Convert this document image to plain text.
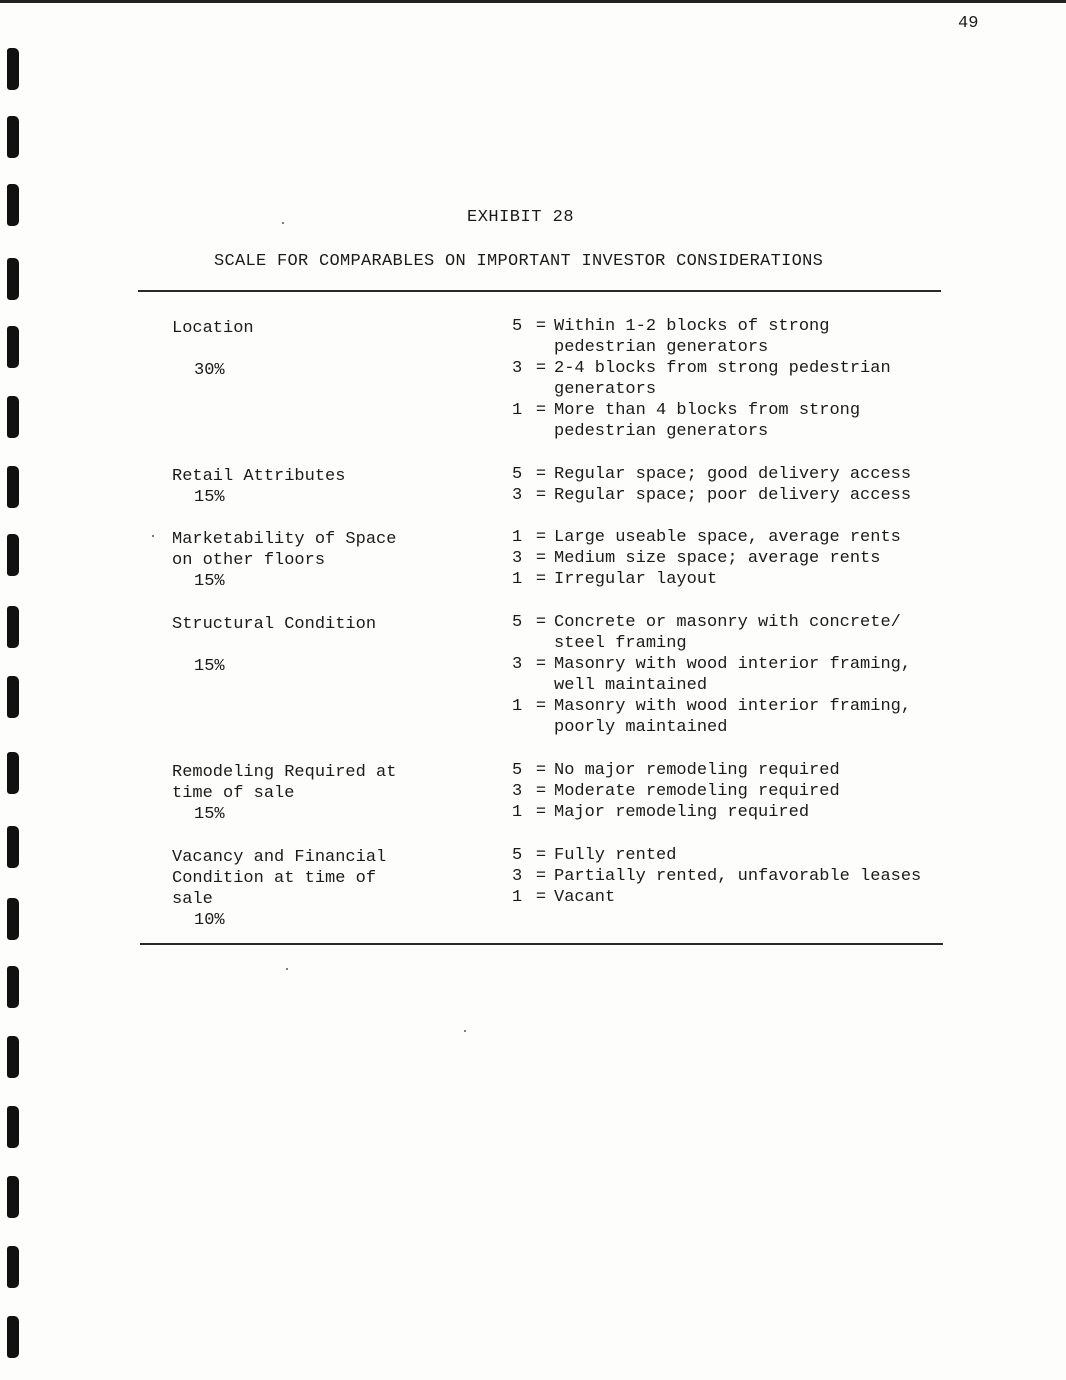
49
EXHIBIT 28
SCALE FOR COMPARABLES ON IMPORTANT INVESTOR CONSIDERATIONS
Location
30%
5 = Within 1-2 blocks of strong
pedestrian generators
3 = 2-4 blocks from strong pedestrian
generators
1 = More than 4 blocks from strong
pedestrian generators
Retail Attributes
15%
5 = Regular space; good delivery access
3 = Regular space; poor delivery access
Marketability of Space
on other floors
15%
1 = Large useable space, average rents
3 = Medium size space; average rents
1 = Irregular layout
Structural Condition
15%
5 = Concrete or masonry with concrete/
steel framing
3 = Masonry with wood interior framing,
well maintained
1 = Masonry with wood interior framing,
poorly maintained
Remodeling Required at
time of sale
15%
5 = No major remodeling required
3 = Moderate remodeling required
1 = Major remodeling required
Vacancy and Financial
Condition at time of
sale
10%
5 = Fully rented
3 = Partially rented, unfavorable leases
1 = Vacant
